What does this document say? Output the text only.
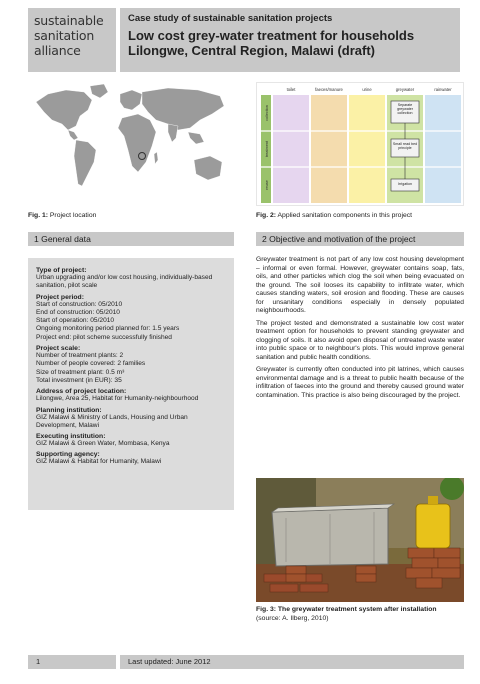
sustainable
sanitation
alliance
Case study of sustainable sanitation projects
Low cost grey-water treatment for households
Lilongwe, Central Region, Malawi (draft)
Fig. 1: Project location
toilet	faeces/manure	urine	greywater	rainwater
collection
treatment
reuse
Separate greywater collection
Small read bed principle
Irrigation
Fig. 2: Applied sanitation components in this project
1 General data	2 Objective and motivation of the project
Type of project:
Urban upgrading and/or low cost housing, individually-based sanitation, pilot scale
Project period:
Start of construction: 05/2010
End of construction: 05/2010
Start of operation: 05/2010
Ongoing monitoring period planned for: 1.5 years
Project end: pilot scheme successfully finished
Project scale:
Number of treatment plants: 2
Number of people covered: 2 families
Size of treatment plant: 0.5 m³
Total investment (in EUR): 35
Address of project location:
Lilongwe, Area 25, Habitat for Humanity-neighbourhood
Planning institution:
GIZ Malawi & Ministry of Lands, Housing and Urban Development, Malawi
Executing institution:
GIZ Malawi & Green Water, Mombasa, Kenya
Supporting agency:
GIZ Malawi & Habitat for Humanity, Malawi

Greywater treatment is not part of any low cost housing development – informal or even formal. However, greywater contains soap, fats, oils, and other particles which clog the soil when being evacuated on the ground. The soil looses its capability to infiltrate water, which causes standing waters, soil erosion and flooding. These are causes for unsanitary conditions especially in densely populated neighbourhoods.

The project tested and demonstrated a sustainable low cost water treatment option for households to prevent standing greywater and clogging of soils. It also avoid open disposal of untreated waste water into public space or to neighbour's plots. This would improve general sanitation and public health conditions.

Greywater is currently often conducted into pit latrines, which causes environmental damage and is a threat to public health because of the infiltration of faeces into the ground and thereby caused ground water contamination. This practice is also being discouraged by the project.

Fig. 3: The greywater treatment system after installation
(source: A. Ilberg, 2010)
1	Last updated: June 2012
